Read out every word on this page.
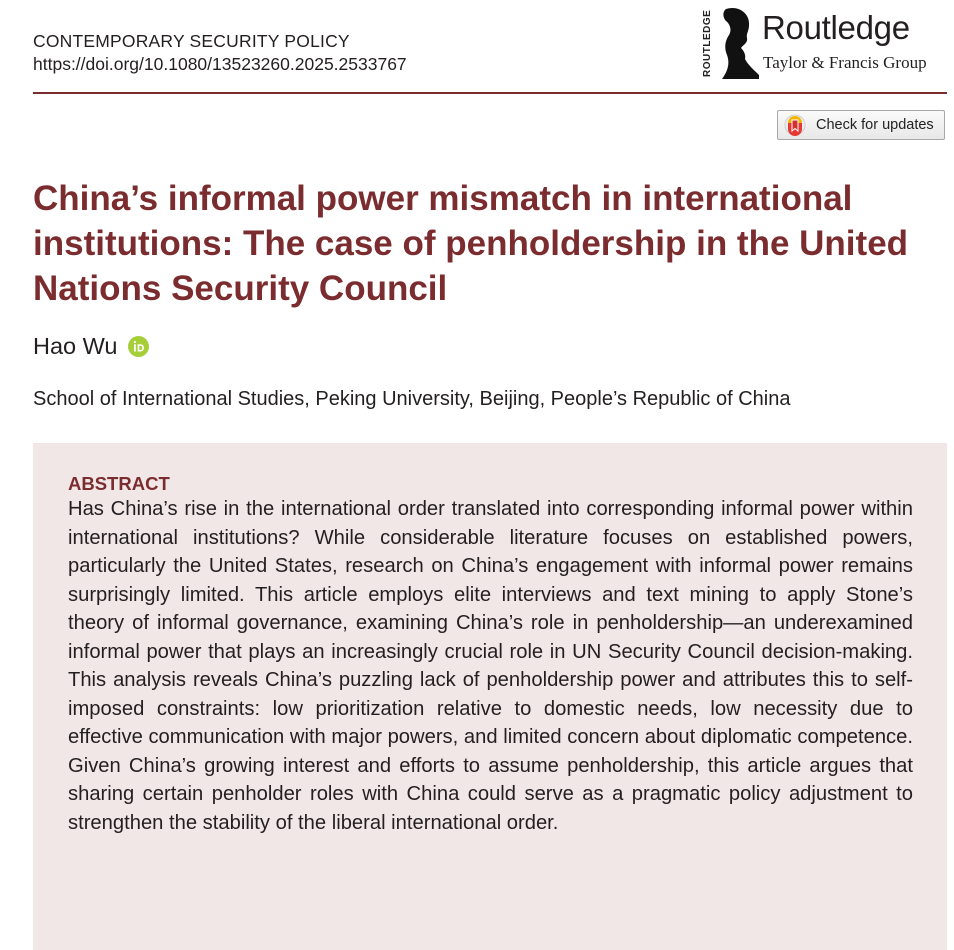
CONTEMPORARY SECURITY POLICY
https://doi.org/10.1080/13523260.2025.2533767	ROUTLEDGE Routledge
Taylor & Francis Group
Check for updates
China’s informal power mismatch in international institutions: The case of penholdership in the United Nations Security Council
Hao Wu
School of International Studies, Peking University, Beijing, People’s Republic of China
ABSTRACT

Has China’s rise in the international order translated into corresponding informal power within international institutions? While considerable literature focuses on established powers, particularly the United States, research on China’s engagement with informal power remains surprisingly limited. This article employs elite interviews and text mining to apply Stone’s theory of informal governance, examining China’s role in penholdership—an underexamined informal power that plays an increasingly crucial role in UN Security Council decision-making. This analysis reveals China’s puzzling lack of penholdership power and attributes this to self-imposed constraints: low prioritization relative to domestic needs, low necessity due to effective communication with major powers, and limited concern about diplomatic competence. Given China’s growing interest and efforts to assume penholdership, this article argues that sharing certain penholder roles with China could serve as a pragmatic policy adjustment to strengthen the stability of the liberal international order.
